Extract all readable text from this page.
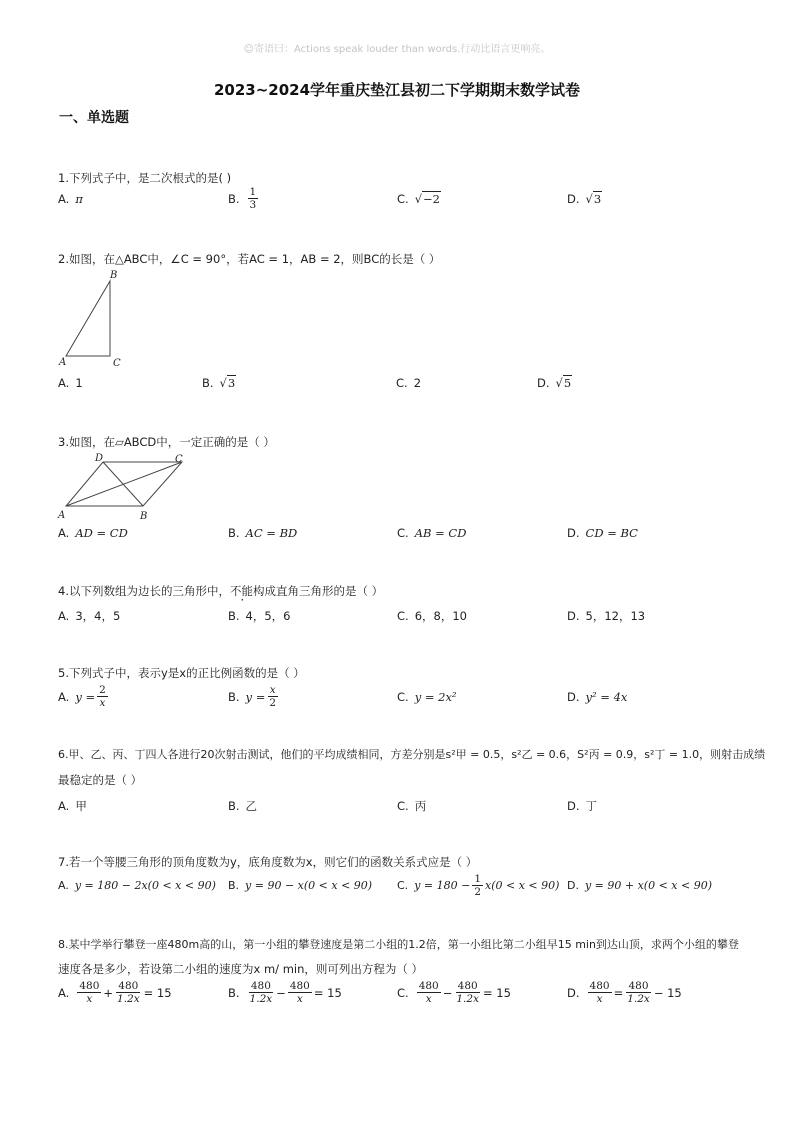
☺寄语曰：Actions speak louder than words.行动比语言更响亮。
2023~2024学年重庆垫江县初二下学期期末数学试卷
一、单选题
1.下列式子中，是二次根式的是( )
A. π	B. $\frac{1}{3}$	C. √−2	D. √3
2.如图，在△ABC中，∠C = 90°，若AC = 1，AB = 2，则BC的长是（ ）
A
B
C
A. 1	B. √3	C. 2	D. √5
3.如图，在▱ABCD中，一定正确的是（ ）
A	B
C
D
A. AD = CD	B. AC = BD	C. AB = CD	D. CD = BC
4.以下列数组为边长的三角形中，不能构成直角三角形的是（ ）
A. 3，4，5	B. 4，5，6	C. 6，8，10	D. 5，12，13
5.下列式子中，表示y是x的正比例函数的是（ ）
A. $y = \frac{2}{x}$	B. $y = \frac{x}{2}$	C. y = 2x²	D. y² = 4x
6.甲、乙、丙、丁四人各进行20次射击测试，他们的平均成绩相同，方差分别是s²甲 = 0.5，s²乙 = 0.6，S²丙 = 0.9，s²丁 = 1.0，则射击成绩
最稳定的是（ ）
A. 甲	B. 乙	C. 丙	D. 丁
7.若一个等腰三角形的顶角度数为y，底角度数为x，则它们的函数关系式应是（ ）
A. y = 180 − 2x(0 < x < 90) B. y = 90 − x(0 < x < 90) C. $y = 180 - \frac{1}{2} x(0 < x < 90)$ D. y = 90 + x(0 < x < 90)
8.某中学举行攀登一座480m高的山，第一小组的攀登速度是第二小组的1.2倍，第一小组比第二小组早15 min到达山顶，求两个小组的攀登
速度各是多少，若设第二小组的速度为x m/ min，则可列出方程为（ ）
A. $\frac{480}{x} + \frac{480}{1.2x} = 15$	B. $\frac{480}{1.2x} - \frac{480}{x} = 15$	C. $\frac{480}{x} - \frac{480}{1.2x} = 15$	D. $\frac{480}{x} = \frac{480}{1.2x} - 15$
